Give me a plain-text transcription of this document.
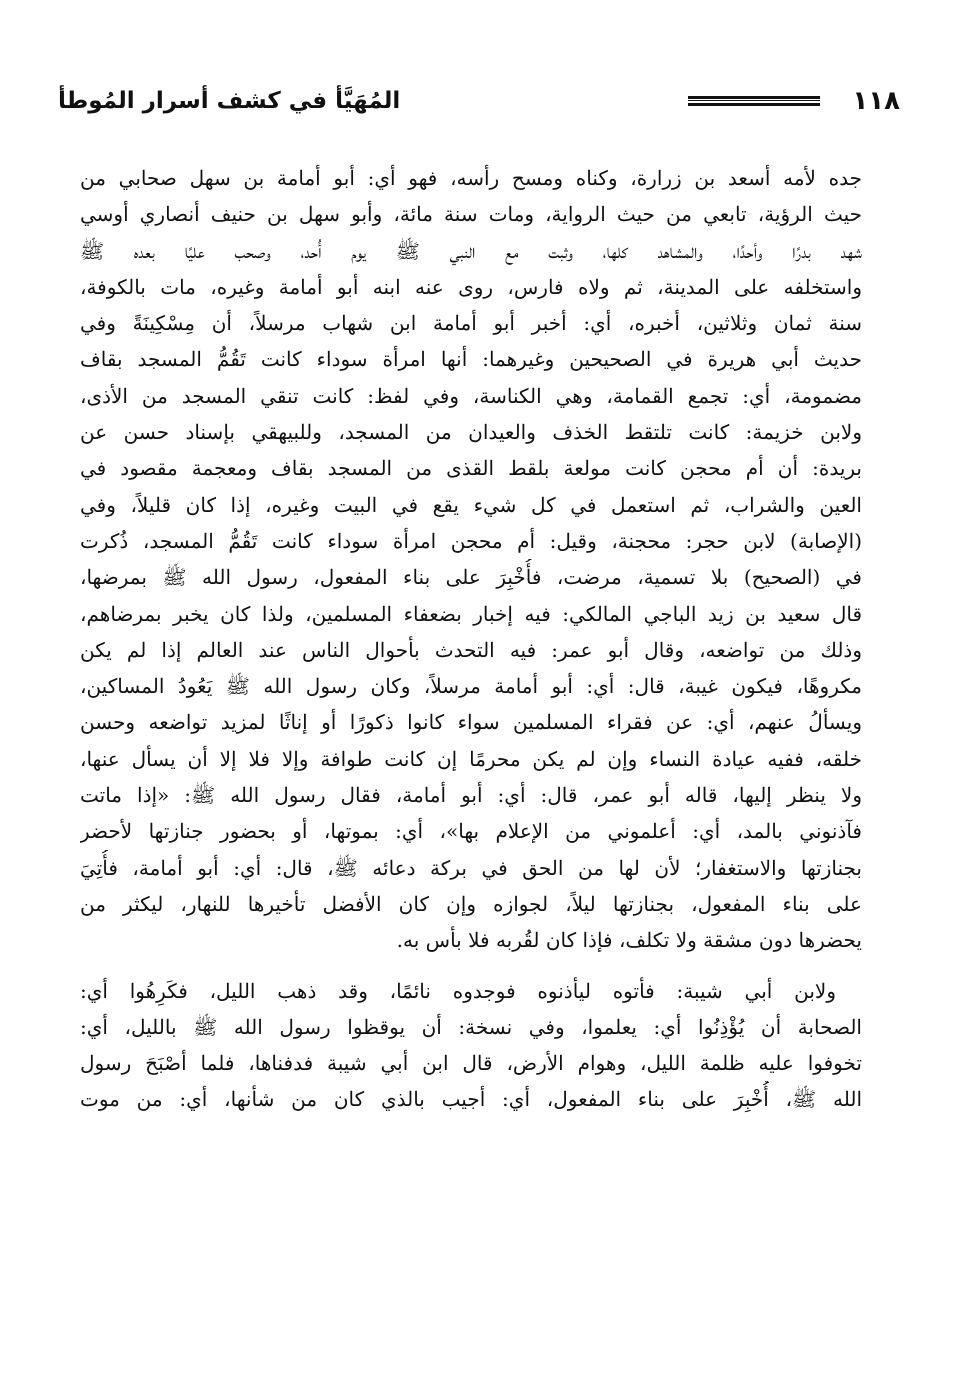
١١٨
المُهَيَّأ في كشف أسرار المُوطأ
جده لأمه أسعد بن زرارة، وكناه ومسح رأسه، فهو أي: أبو أمامة بن سهل صحابي من
حيث الرؤية، تابعي من حيث الرواية، ومات سنة مائة، وأبو سهل بن حنيف أنصاري أوسي
شهد بدرًا وأحدًا، والمشاهد كلها، وثبت مع النبي ﷺ يوم أُحد، وصحب عليًا بعده ﷺ
واستخلفه على المدينة، ثم ولاه فارس، روى عنه ابنه أبو أمامة وغيره، مات بالكوفة،
سنة ثمان وثلاثين، أخبره، أي: أخبر أبو أمامة ابن شهاب مرسلاً، أن مِسْكِينَةً وفي
حديث أبي هريرة في الصحيحين وغيرهما: أنها امرأة سوداء كانت تَقُمُّ المسجد بقاف
مضمومة، أي: تجمع القمامة، وهي الكناسة، وفي لفظ: كانت تنقي المسجد من الأذى،
ولابن خزيمة: كانت تلتقط الخذف والعيدان من المسجد، وللبيهقي بإسناد حسن عن
بريدة: أن أم محجن كانت مولعة بلقط القذى من المسجد بقاف ومعجمة مقصود في
العين والشراب، ثم استعمل في كل شيء يقع في البيت وغيره، إذا كان قليلاً، وفي
(الإصابة) لابن حجر: محجنة، وقيل: أم محجن امرأة سوداء كانت تَقُمُّ المسجد، ذُكرت
في (الصحيح) بلا تسمية، مرضت، فأُخْبِرَ على بناء المفعول، رسول الله ﷺ بمرضها،
قال سعيد بن زيد الباجي المالكي: فيه إخبار بضعفاء المسلمين، ولذا كان يخبر بمرضاهم،
وذلك من تواضعه، وقال أبو عمر: فيه التحدث بأحوال الناس عند العالم إذا لم يكن
مكروهًا، فيكون غيبة، قال: أي: أبو أمامة مرسلاً، وكان رسول الله ﷺ يَعُودُ المساكين،
ويسألُ عنهم، أي: عن فقراء المسلمين سواء كانوا ذكورًا أو إناثًا لمزيد تواضعه وحسن
خلقه، ففيه عيادة النساء وإن لم يكن محرمًا إن كانت طوافة وإلا فلا إلا أن يسأل عنها،
ولا ينظر إليها، قاله أبو عمر، قال: أي: أبو أمامة، فقال رسول الله ﷺ: «إذا ماتت
فآذنوني بالمد، أي: أعلموني من الإعلام بها»، أي: بموتها، أو بحضور جنازتها لأحضر
بجنازتها والاستغفار؛ لأن لها من الحق في بركة دعائه ﷺ، قال: أي: أبو أمامة، فأُتِيَ
على بناء المفعول، بجنازتها ليلاً، لجوازه وإن كان الأفضل تأخيرها للنهار، ليكثر من
يحضرها دون مشقة ولا تكلف، فإذا كان لقُربه فلا بأس به.
ولابن أبي شيبة: فأتوه ليأذنوه فوجدوه نائمًا، وقد ذهب الليل، فكَرِهُوا أي:
الصحابة أن يُؤْذِنُوا أي: يعلموا، وفي نسخة: أن يوقظوا رسول الله ﷺ بالليل، أي:
تخوفوا عليه ظلمة الليل، وهوام الأرض، قال ابن أبي شيبة فدفناها، فلما أصْبَحَ رسول
الله ﷺ، أُخْبِرَ على بناء المفعول، أي: أجيب بالذي كان من شأنها، أي: من موت
